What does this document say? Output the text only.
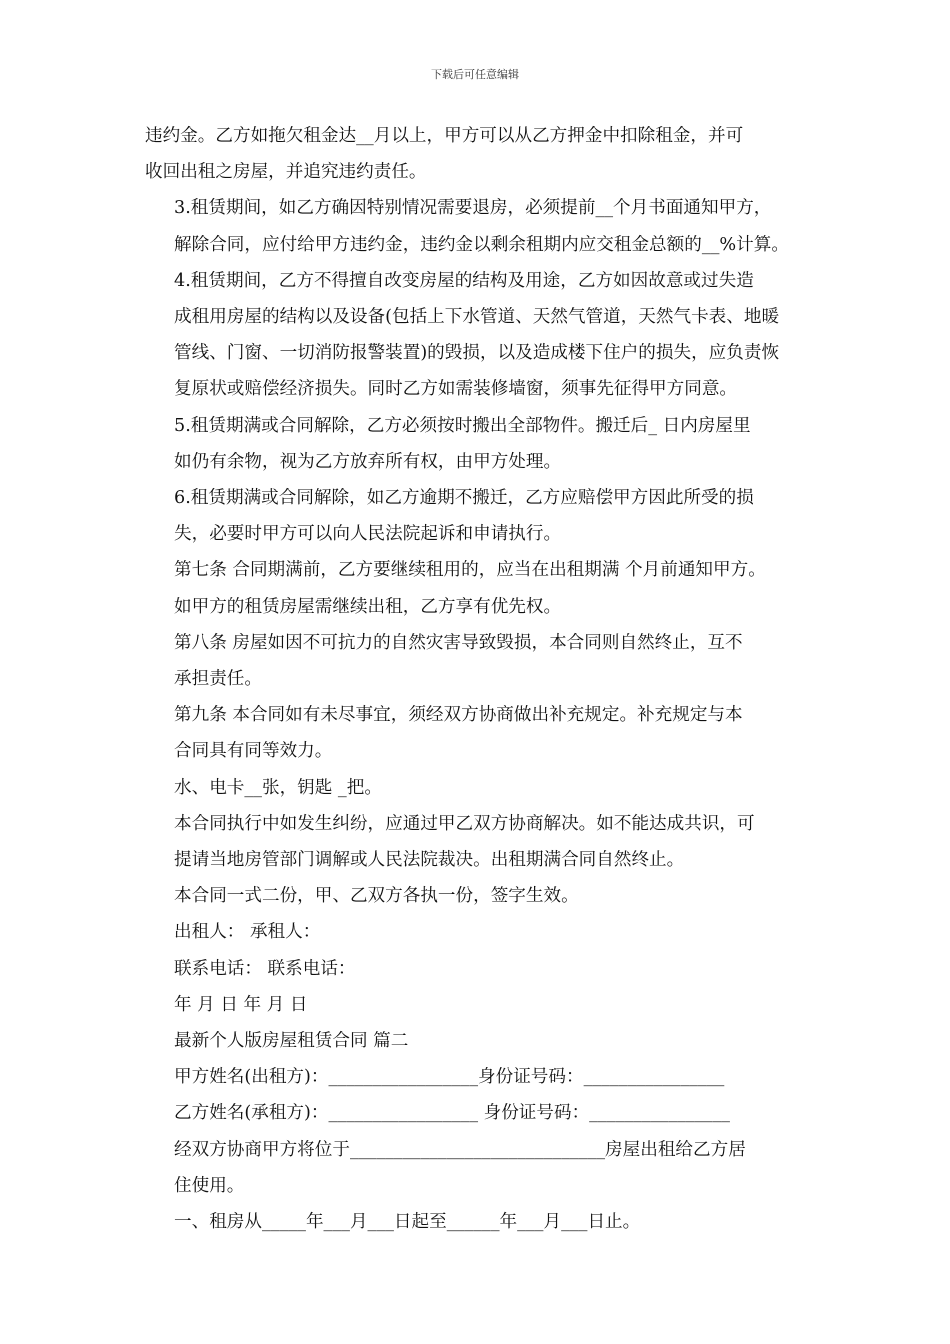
下载后可任意编辑

违约金。乙方如拖欠租金达__月以上，甲方可以从乙方押金中扣除租金，并可
收回出租之房屋，并追究违约责任。

3.租赁期间，如乙方确因特别情况需要退房，必须提前__个月书面通知甲方，
解除合同，应付给甲方违约金，违约金以剩余租期内应交租金总额的__%计算。

4.租赁期间，乙方不得擅自改变房屋的结构及用途，乙方如因故意或过失造
成租用房屋的结构以及设备(包括上下水管道、天然气管道，天然气卡表、地暖
管线、门窗、一切消防报警装置)的毁损，以及造成楼下住户的损失，应负责恢
复原状或赔偿经济损失。同时乙方如需装修墙窗，须事先征得甲方同意。

5.租赁期满或合同解除，乙方必须按时搬出全部物件。搬迁后_ 日内房屋里
如仍有余物，视为乙方放弃所有权，由甲方处理。

6.租赁期满或合同解除，如乙方逾期不搬迁，乙方应赔偿甲方因此所受的损
失，必要时甲方可以向人民法院起诉和申请执行。

第七条 合同期满前，乙方要继续租用的，应当在出租期满 个月前通知甲方。
如甲方的租赁房屋需继续出租，乙方享有优先权。

第八条 房屋如因不可抗力的自然灾害导致毁损，本合同则自然终止，互不
承担责任。

第九条 本合同如有未尽事宜，须经双方协商做出补充规定。补充规定与本
合同具有同等效力。

水、电卡__张，钥匙 _把。

本合同执行中如发生纠纷，应通过甲乙双方协商解决。如不能达成共识，可
提请当地房管部门调解或人民法院裁决。出租期满合同自然终止。

本合同一式二份，甲、乙双方各执一份，签字生效。

出租人： 承租人：

联系电话： 联系电话：

年 月 日 年 月 日

最新个人版房屋租赁合同 篇二

甲方姓名(出租方)：_________________身份证号码：________________

乙方姓名(承租方)：_________________ 身份证号码：________________

经双方协商甲方将位于_____________________________房屋出租给乙方居
住使用。

一、租房从_____年___月___日起至______年___月___日止。
